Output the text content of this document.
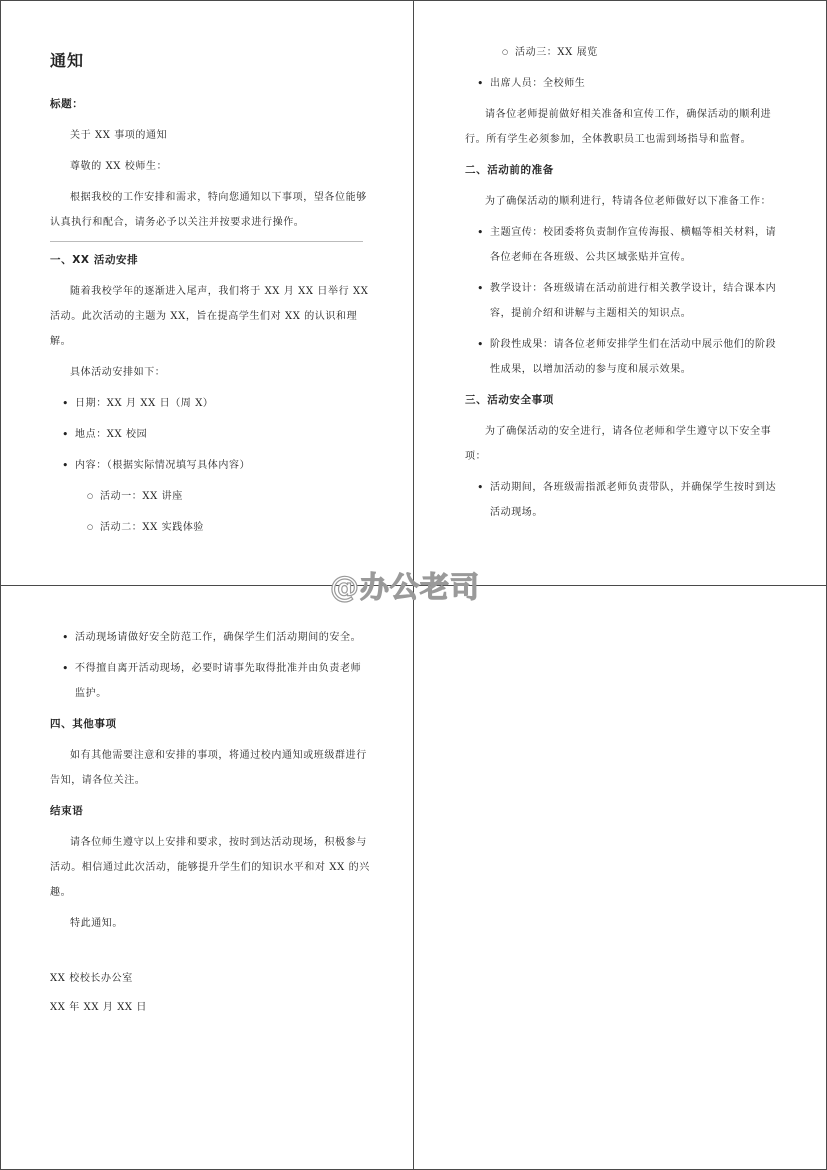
通知
标题：

关于 XX 事项的通知

尊敬的 XX 校师生：

根据我校的工作安排和需求，特向您通知以下事项，望各位能够认真执行和配合，请务必予以关注并按要求进行操作。

一、XX 活动安排

随着我校学年的逐渐进入尾声，我们将于 XX 月 XX 日举行 XX 活动。此次活动的主题为 XX，旨在提高学生们对 XX 的认识和理解。

具体活动安排如下：

• 日期：XX 月 XX 日（周 X）
• 地点：XX 校园
• 内容：（根据实际情况填写具体内容）
○ 活动一：XX 讲座
○ 活动二：XX 实践体验
○ 活动三：XX 展览
• 出席人员：全校师生

请各位老师提前做好相关准备和宣传工作，确保活动的顺利进行。所有学生必须参加，全体教职员工也需到场指导和监督。

二、活动前的准备

为了确保活动的顺利进行，特请各位老师做好以下准备工作：

• 主题宣传：校团委将负责制作宣传海报、横幅等相关材料，请各位老师在各班级、公共区域张贴并宣传。
• 教学设计：各班级请在活动前进行相关教学设计，结合课本内容，提前介绍和讲解与主题相关的知识点。
• 阶段性成果：请各位老师安排学生们在活动中展示他们的阶段性成果，以增加活动的参与度和展示效果。
三、活动安全事项

为了确保活动的安全进行，请各位老师和学生遵守以下安全事项：

• 活动期间，各班级需指派老师负责带队，并确保学生按时到达活动现场。
• 活动现场请做好安全防范工作，确保学生们活动期间的安全。
• 不得擅自离开活动现场，必要时请事先取得批准并由负责老师监护。
四、其他事项

如有其他需要注意和安排的事项，将通过校内通知或班级群进行告知，请各位关注。

结束语

请各位师生遵守以上安排和要求，按时到达活动现场，积极参与活动。相信通过此次活动，能够提升学生们的知识水平和对 XX 的兴趣。

特此通知。

XX 校校长办公室

XX 年 XX 月 XX 日

@办公老司
